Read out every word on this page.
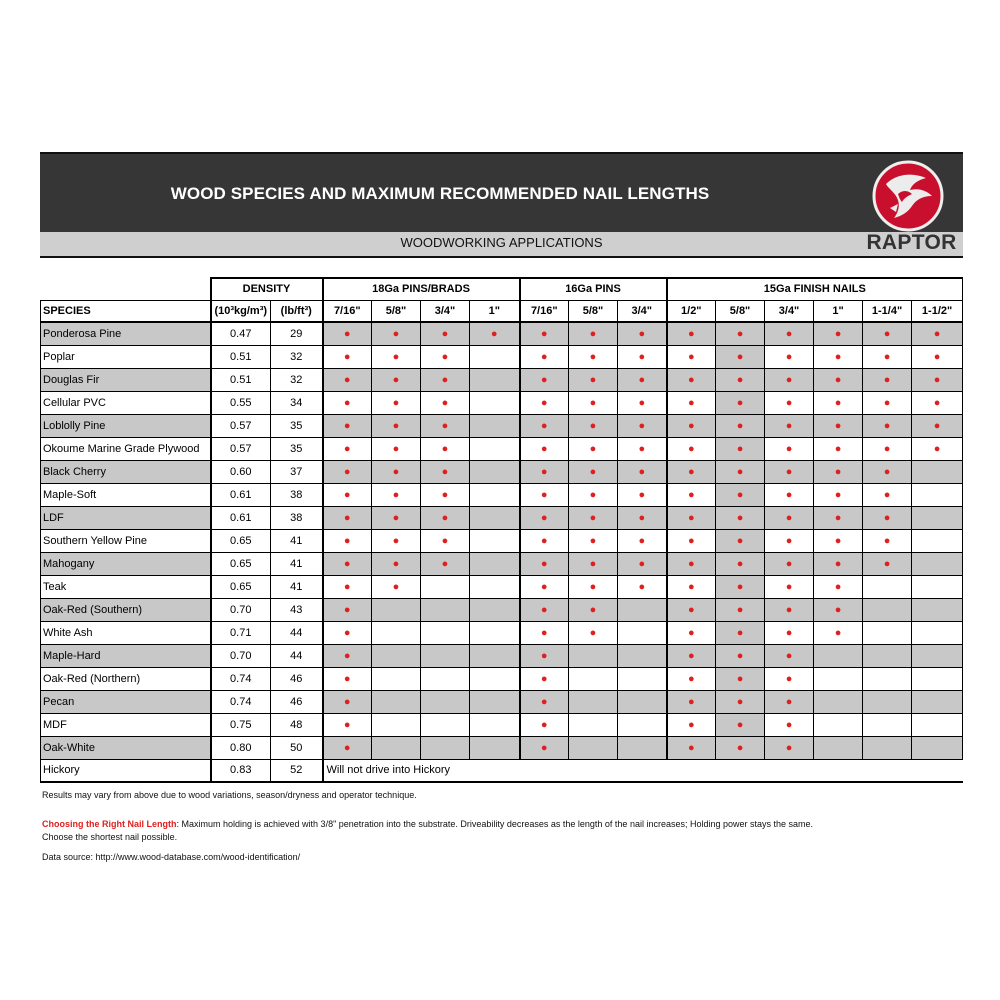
WOOD SPECIES AND MAXIMUM RECOMMENDED NAIL LENGTHS
WOODWORKING APPLICATIONS	RAPTOR
	DENSITY		18Ga PINS/BRADS				16Ga PINS			15Ga FINISH NAILS					
SPECIES	(10³kg/m³)	(lb/ft³)	7/16"	5/8"	3/4"	1"	7/16"	5/8"	3/4"	1/2"	5/8"	3/4"	1"	1-1/4"	1-1/2"
Ponderosa Pine	0.47	29	●	●	●	●	●	●	●	●	●	●	●	●	●
Poplar	0.51	32	●	●	●		●	●	●	●	●	●	●	●	●
Douglas Fir	0.51	32	●	●	●		●	●	●	●	●	●	●	●	●
Cellular PVC	0.55	34	●	●	●		●	●	●	●	●	●	●	●	●
Loblolly Pine	0.57	35	●	●	●		●	●	●	●	●	●	●	●	●
Okoume Marine Grade Plywood	0.57	35	●	●	●		●	●	●	●	●	●	●	●	●
Black Cherry	0.60	37	●	●	●		●	●	●	●	●	●	●	●	
Maple-Soft	0.61	38	●	●	●		●	●	●	●	●	●	●	●	
LDF	0.61	38	●	●	●		●	●	●	●	●	●	●	●	
Southern Yellow Pine	0.65	41	●	●	●		●	●	●	●	●	●	●	●	
Mahogany	0.65	41	●	●	●		●	●	●	●	●	●	●	●	
Teak	0.65	41	●	●			●	●	●	●	●	●	●		
Oak-Red (Southern)	0.70	43	●				●	●		●	●	●	●		
White Ash	0.71	44	●				●	●		●	●	●	●		
Maple-Hard	0.70	44	●				●			●	●	●			
Oak-Red (Northern)	0.74	46	●				●			●	●	●			
Pecan	0.74	46	●				●			●	●	●			
MDF	0.75	48	●				●			●	●	●			
Oak-White	0.80	50	●				●			●	●	●			
Hickory	0.83	52	Will not drive into Hickory												
Results may vary from above due to wood variations, season/dryness and operator technique.
Choosing the Right Nail Length: Maximum holding is achieved with 3/8" penetration into the substrate. Driveability decreases as the length of the nail increases; Holding power stays the same.
Choose the shortest nail possible.
Data source: http://www.wood-database.com/wood-identification/
